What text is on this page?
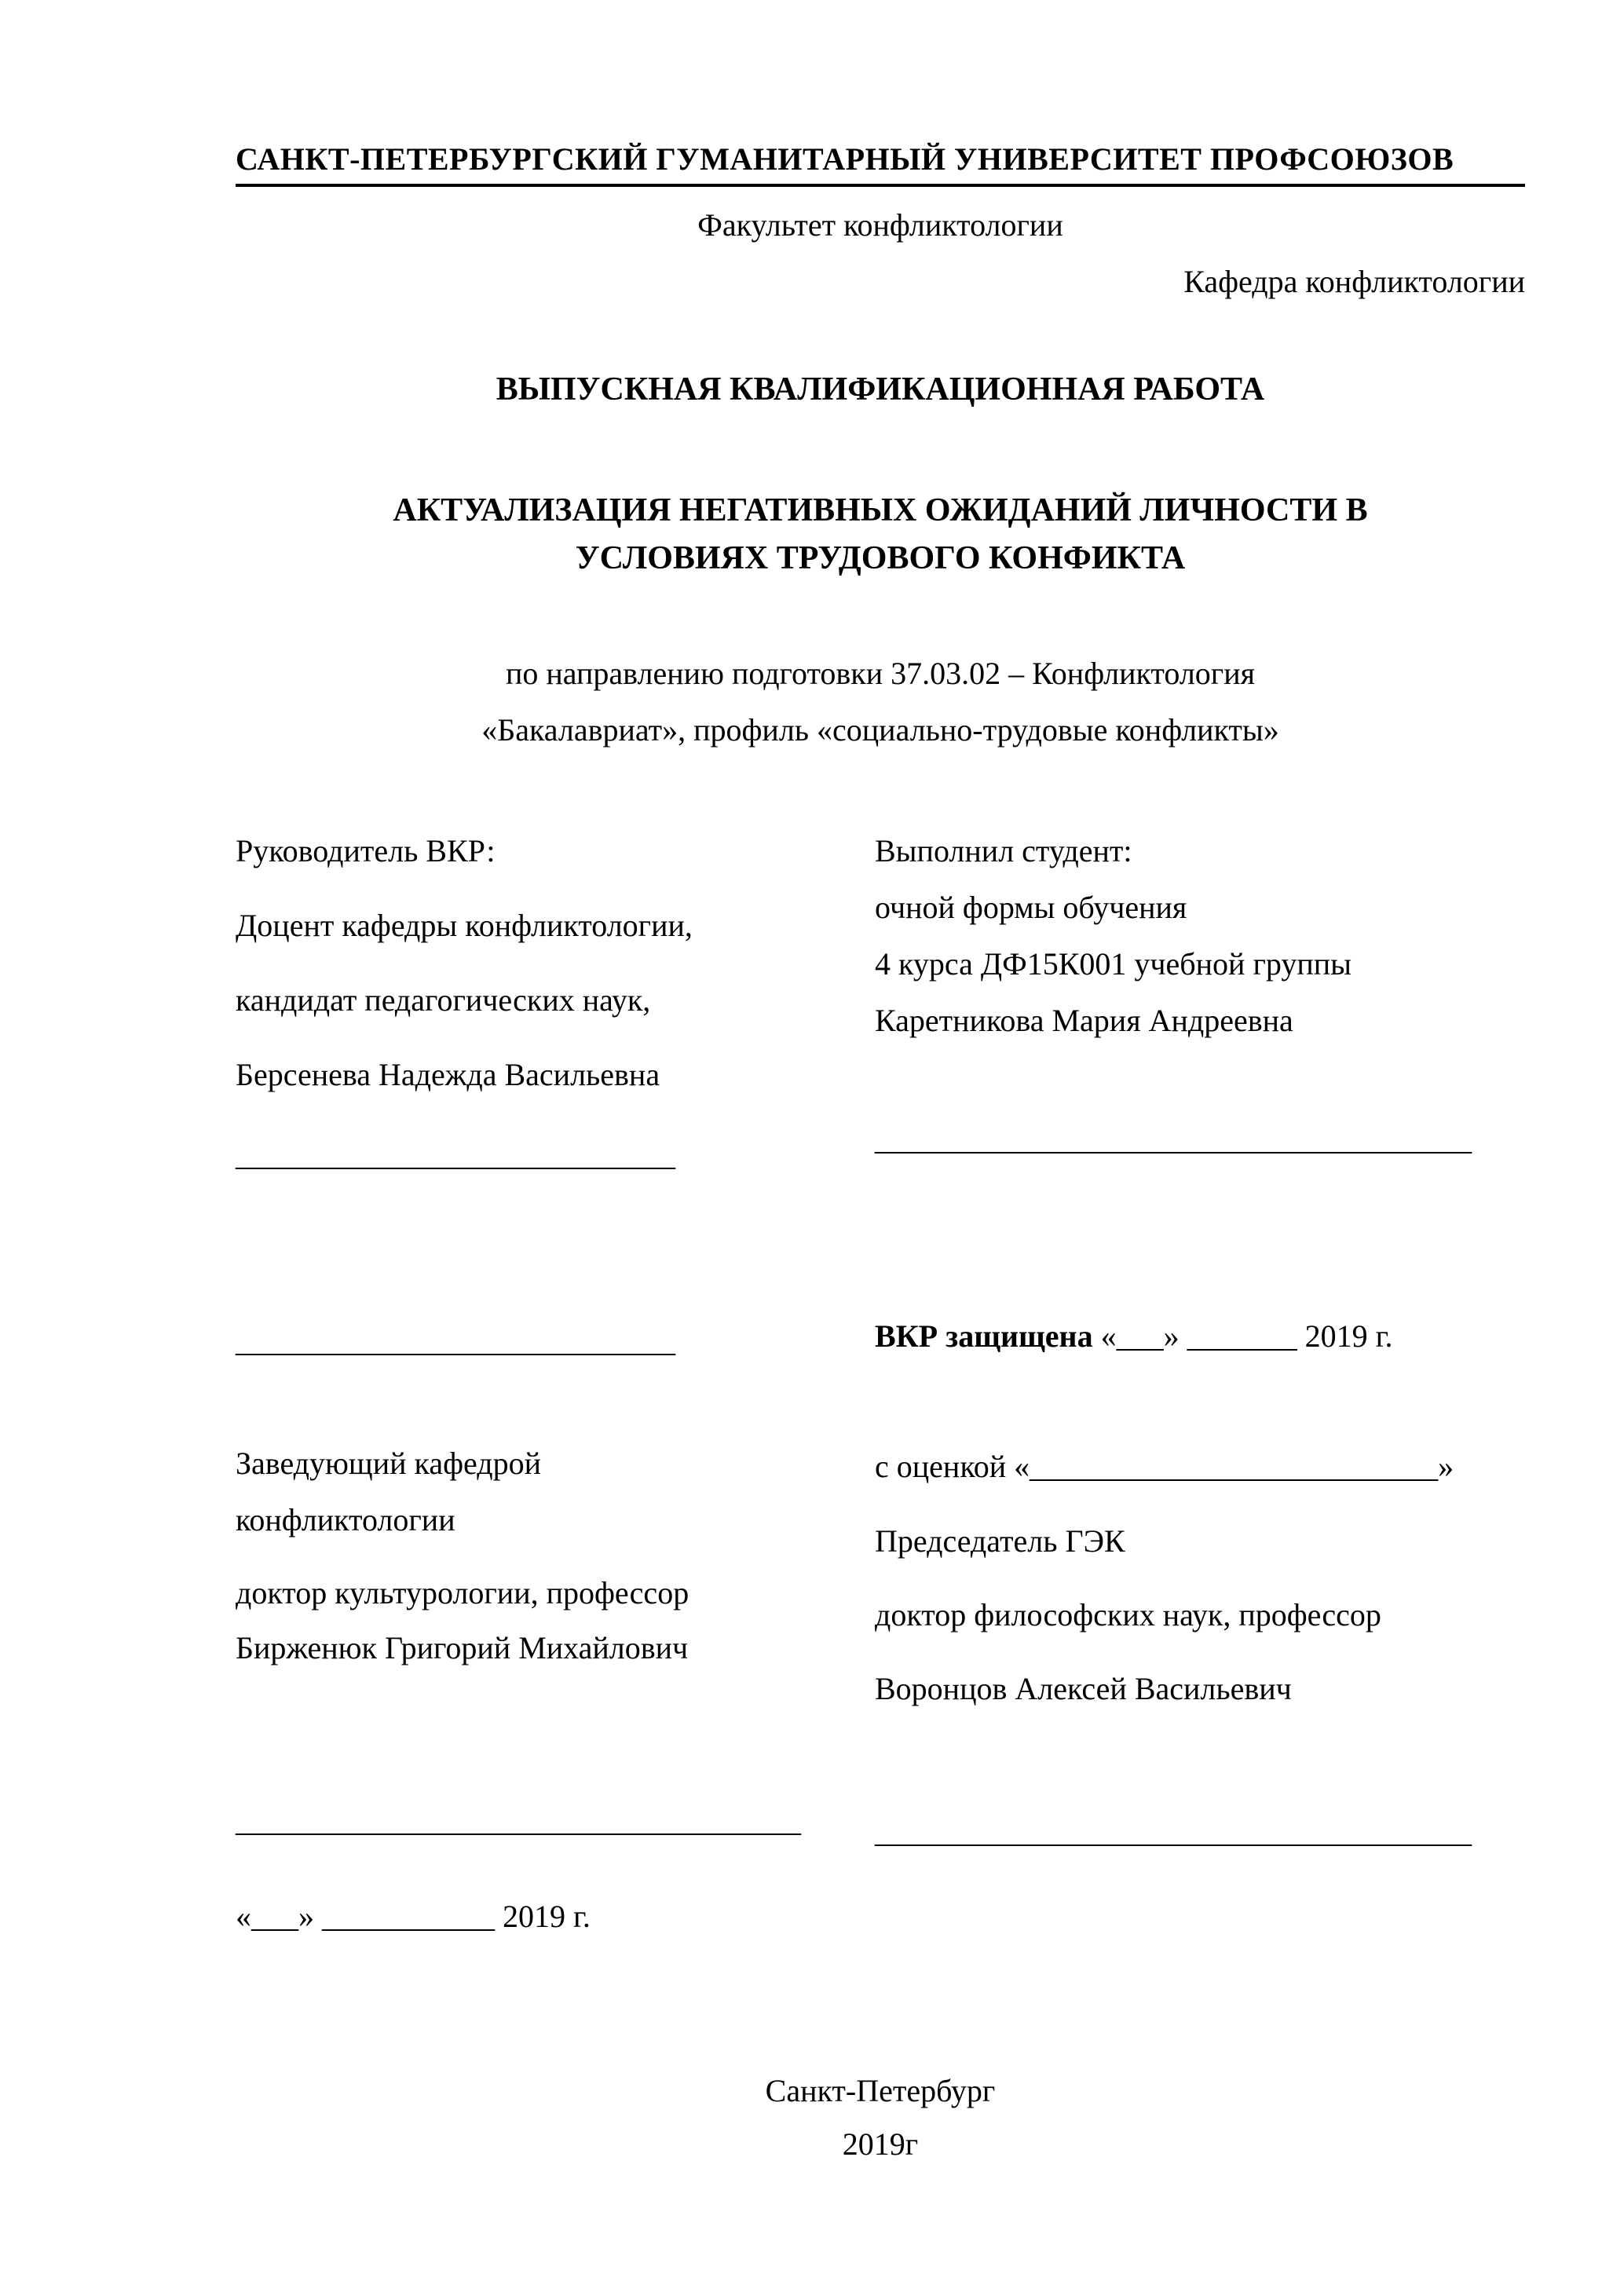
САНКТ-ПЕТЕРБУРГСКИЙ ГУМАНИТАРНЫЙ УНИВЕРСИТЕТ ПРОФСОЮЗОВ
Факультет конфликтологии
Кафедра конфликтологии
ВЫПУСКНАЯ КВАЛИФИКАЦИОННАЯ РАБОТА
АКТУАЛИЗАЦИЯ НЕГАТИВНЫХ ОЖИДАНИЙ ЛИЧНОСТИ В
УСЛОВИЯХ ТРУДОВОГО КОНФИКТА
по направлению подготовки 37.03.02 – Конфликтология
«Бакалавриат», профиль «социально-трудовые конфликты»
Руководитель ВКР:
Доцент кафедры конфликтологии,
кандидат педагогических наук,
Берсенева Надежда Васильевна
____________________________
____________________________
Заведующий кафедрой
конфликтологии
доктор культурологии, профессор
Бирженюк Григорий Михайлович
____________________________________
«___» ___________ 2019 г.
Выполнил студент:
очной формы обучения
4 курса ДФ15К001 учебной группы
Каретникова Мария Андреевна
______________________________________
ВКР защищена «___» _______ 2019 г.
с оценкой «__________________________»
Председатель ГЭК
доктор философских наук, профессор
Воронцов Алексей Васильевич
______________________________________
Санкт-Петербург
2019г
